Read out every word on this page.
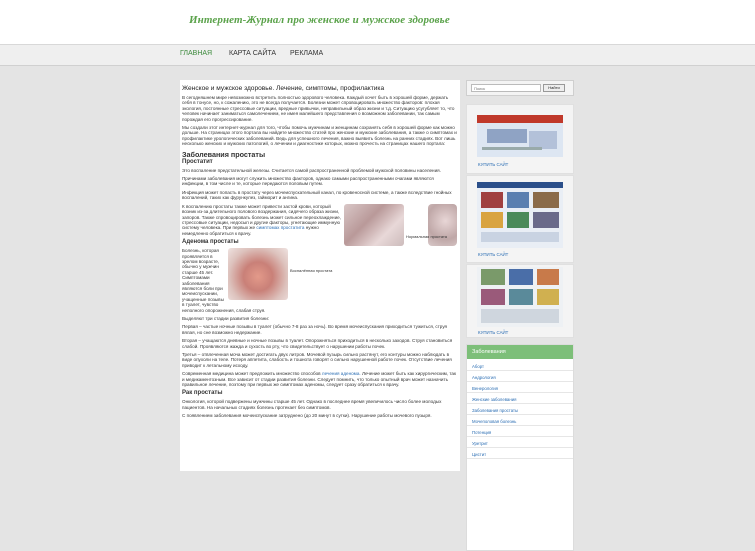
Интернет-Журнал про женское и мужское здоровье
ГЛАВНАЯ КАРТА САЙТА РЕКЛАМА
Женское и мужское здоровье. Лечение, симптомы, профилактика

В сегодняшнем мире невозможно встретить полностью здорового человека. Каждый хочет быть в хорошей форме, держать себя в тонусе, но, к сожалению, это не всегда получается. Болезни может спровоцировать множество факторов: плохая экология, постоянные стрессовые ситуации, вредные привычки, неправильный образ жизни и т.д. Ситуацию усугубляет то, что человек начинает заниматься самолечением, не имея малейшего представления о возможном заболевании, так самым порождая его прогрессирование.

Мы создали этот интернет-журнал для того, чтобы помочь мужчинам и женщинам сохранять себя в хорошей форме как можно дольше. На страницах этого портала вы найдете множество статей про женские и мужские заболевания, а также о симптомах и профилактике урологических заболеваний. Ведь для успешного лечения, важно выявить болезнь на ранних стадиях. Вот лишь несколько женских и мужских патологий, о лечении и диагностике которых, можно прочесть на страницах нашего портала:

Заболевания простаты
Простатит

Это воспаление предстательной железы. Считается самой распространенной проблемой мужской половины населения.

Причинами заболевания могут служить множество факторов, однако самыми распространенными очагами являются инфекции, в том числе и те, которые передаются половым путем.

Инфекция может попасть в простату через мочеиспускательный канал, по кровеносной системе, а также вследствие гнойных воспалений, таких как фурункулез, гайморит и ангина.

Нормальная простата

К воспалению простаты также может привести застой крови, который возник из-за длительного полового воздержания, сидячего образа жизни, запоров. Также спровоцировать болезнь может сильное переохлаждение, стрессовые ситуации, недосып и другие факторы, угнетающие иммунную систему человека. При первых же симптомах простатита нужно немедленно обратиться к врачу.

Аденома простаты
Воспалённая простата

Болезнь, которая проявляется в зрелом возрасте, обычно у мужчин старше 45 лет. Симптомами заболевания являются боли при мочеиспускании, учащенные позывы в туалет, чувство неполного опорожнения, слабая струя.

Выделяют три стадии развития болезни:

Первая – частые ночные позывы в туалет (обычно 7-8 раз за ночь). Во время мочеиспускания приходиться тужиться, струя вялая, но сне возможно недержание.

Вторая – учащаются дневные и ночные позывы в туалет. Опорожняться приходиться в несколько заходов. Струя становиться слабой. Проявляются жажда и сухость во рту, что свидетельствует о нарушении работы почек.

Третья – отвлеченная моча может достигать двух литров. Мочевой пузырь сильно растянут, его контуры можно наблюдать в виде опухоли на теле. Потеря аппетита, слабость и тошнота говорят о сильно нарушенной работе почек. Отсутствие лечения приводит к летальному исходу.

Современная медицина может предложить множество способов лечения аденома. Лечение может быть как хирургическим, так и медикаментозным. Все зависит от стадии развития болезни. Следует помнить, что только опытный врач может назначить правильное лечение, поэтому при первых же симптомах аденомы, следует сразу обратиться к врачу.

Рак простаты

Онкология, которой подвержены мужчины старше 45 лет. Однако в последнее время увеличилось число более молодых пациентов. На начальных стадиях болезнь протекает без симптомов.

С появлением заболевания мочеиспускание затруднено (до 20 минут в сутки). Нарушение работы мочевого пузыря.

Поиск
Найти
КУПИТЬ САЙТ
КУПИТЬ САЙТ
КУПИТЬ САЙТ
Заболевания
Аборт
Андрология
Венерология
Женские заболевания
Заболевания простаты
Мочеполовая болезнь
Потенция
Уретрит
Цистит
